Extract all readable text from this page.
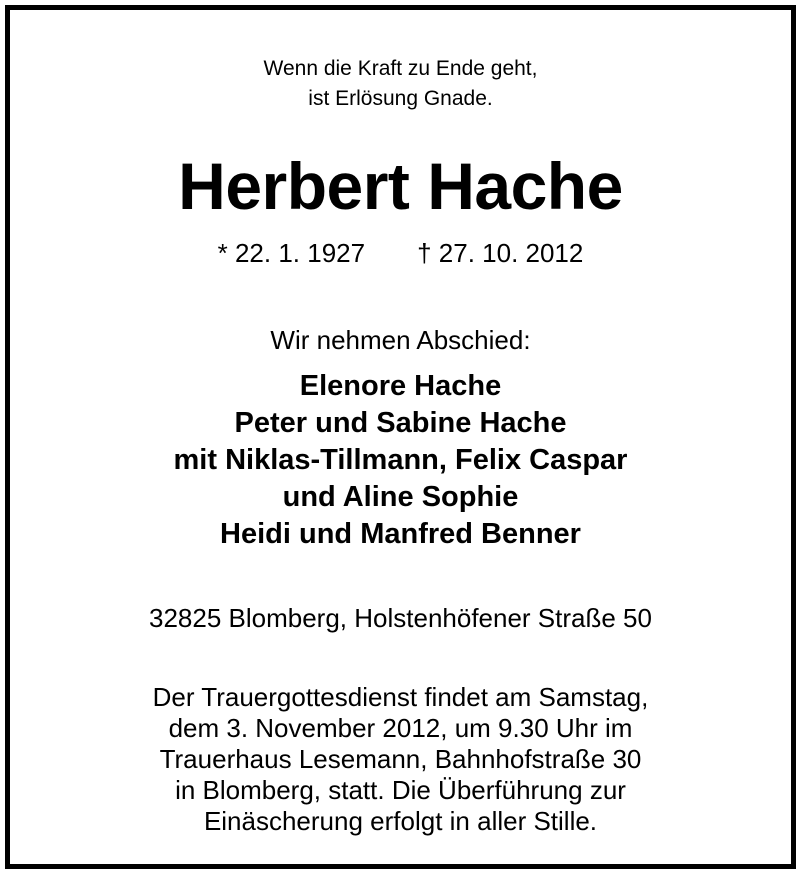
Wenn die Kraft zu Ende geht,
ist Erlösung Gnade.
Herbert Hache
* 22. 1. 1927 † 27. 10. 2012
Wir nehmen Abschied:
Elenore Hache
Peter und Sabine Hache
mit Niklas-Tillmann, Felix Caspar
und Aline Sophie
Heidi und Manfred Benner
32825 Blomberg, Holstenhöfener Straße 50
Der Trauergottesdienst findet am Samstag,
dem 3. November 2012, um 9.30 Uhr im
Trauerhaus Lesemann, Bahnhofstraße 30
in Blomberg, statt. Die Überführung zur
Einäscherung erfolgt in aller Stille.
